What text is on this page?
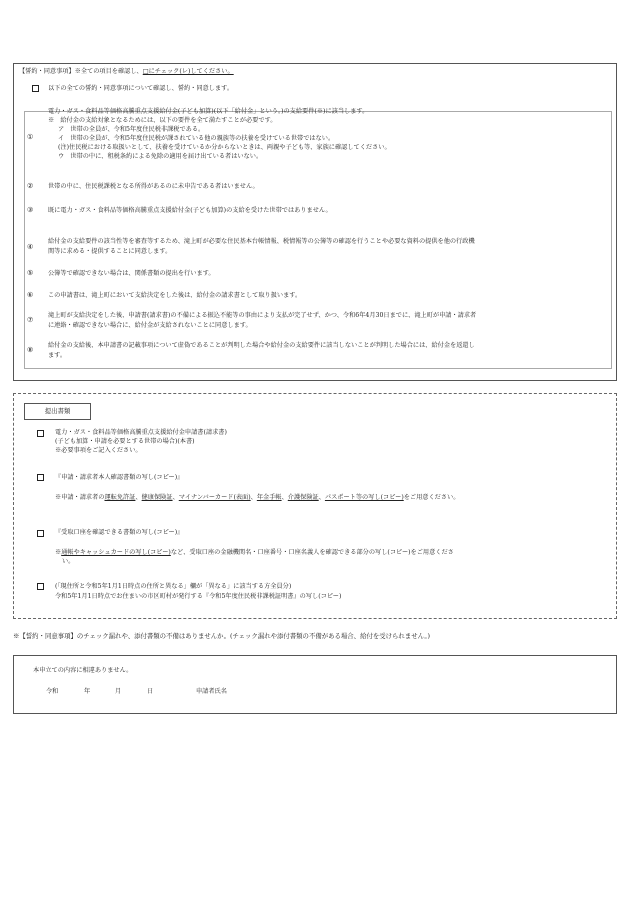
【誓約・同意事項】※全ての項目を確認し、□にチェック(レ)してください。
以下の全ての誓約・同意事項について確認し、誓約・同意します。
①
電力・ガス・食料品等価格高騰重点支援給付金(子ども加算)(以下「給付金」という。)の支給要件(※)に該当します。
※　給付金の支給対象となるためには、以下の要件を全て満たすことが必要です。
ア　世帯の全員が、令和5年度住民税非課税である。
イ　世帯の全員が、令和5年度住民税が課されている他の親族等の扶養を受けている世帯ではない。
(注)住民税における取扱いとして、扶養を受けているか分からないときは、両親や子ども等、家族に確認してください。
ウ　世帯の中に、租税条約による免除の適用を届け出ている者はいない。
② 世帯の中に、住民税課税となる所得があるのに未申告である者はいません。
③ 既に電力・ガス・食料品等価格高騰重点支援給付金(子ども加算)の支給を受けた世帯ではありません。
④
給付金の支給要件の該当性等を審査等するため、滝上町が必要な住民基本台帳情報、税情報等の公簿等の確認を行うことや必要な資料の提供を他の行政機
関等に求める・提供することに同意します。
⑤ 公簿等で確認できない場合は、関係書類の提出を行います。
⑥ この申請書は、滝上町において支給決定をした後は、給付金の請求書として取り扱います。
⑦
滝上町が支給決定をした後、申請書(請求書)の不備による振込不能等の事由により支払が完了せず、かつ、令和6年4月30日までに、滝上町が申請・請求者
に連絡・確認できない場合に、給付金が支給されないことに同意します。
⑧
給付金の支給後、本申請書の記載事項について虚偽であることが判明した場合や給付金の支給要件に該当しないことが判明した場合には、給付金を返還し
ます。
提出書類
電力・ガス・食料品等価格高騰重点支援給付金申請書(請求書)
(子ども加算・申請を必要とする世帯の場合)(本書)
※必要事項をご記入ください。
『申請・請求者本人確認書類の写し(コピー)』
※申請・請求者の運転免許証、健康保険証、マイナンバーカード(表面)、年金手帳、介護保険証、パスポート等の写し(コピー)をご用意ください。
『受取口座を確認できる書類の写し(コピー)』
※通帳やキャッシュカードの写し(コピー)など、受取口座の金融機関名・口座番号・口座名義人を確認できる部分の写し(コピー)をご用意くださ
い。
(「現住所と令和5年1月1日時点の住所と異なる」欄が「異なる」に該当する方全員分)
令和5年1月1日時点でお住まいの市区町村が発行する『令和5年度住民税非課税証明書』の写し(コピー)
※【誓約・同意事項】のチェック漏れや、添付書類の不備はありませんか。(チェック漏れや添付書類の不備がある場合、給付を受けられません。)
本申立ての内容に相違ありません。
令和	年	月	日	申請者氏名
